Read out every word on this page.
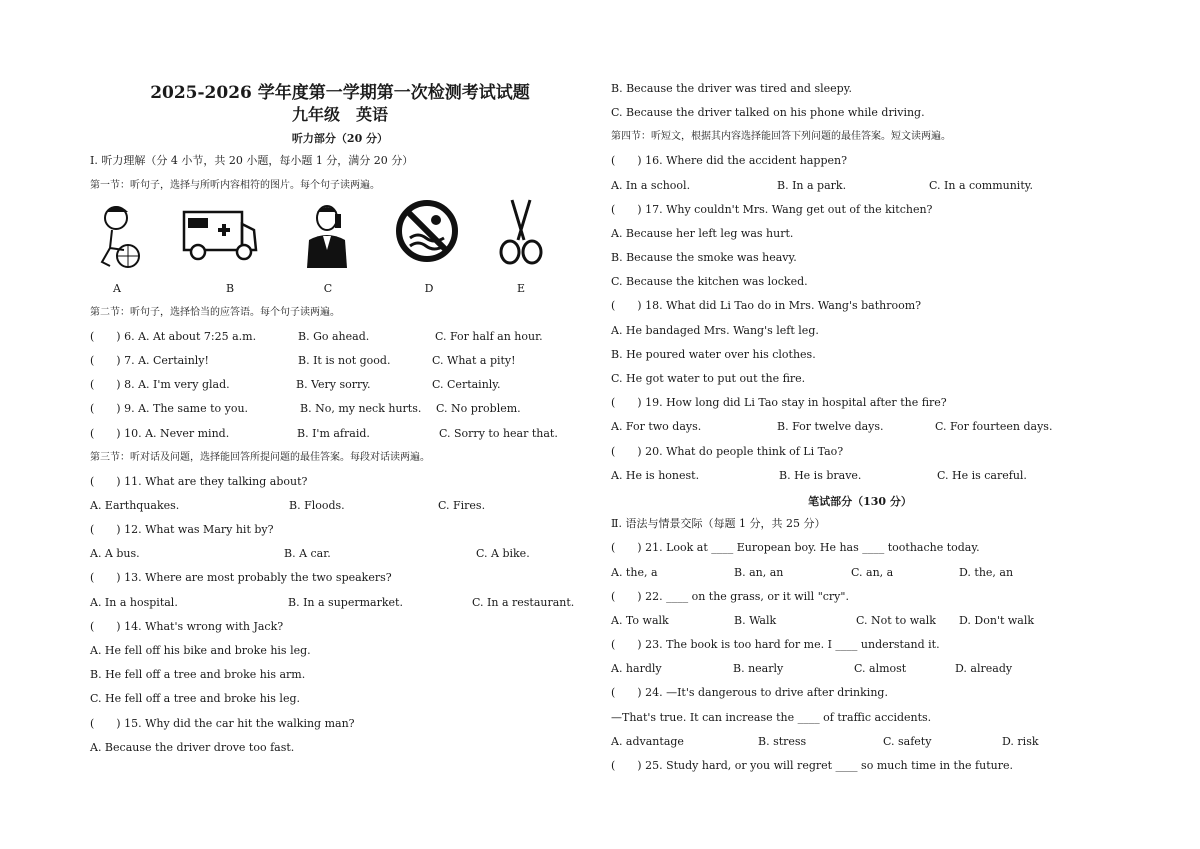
2025-2026 学年度第一学期第一次检测考试试题
九年级　英语
听力部分（20 分）
Ⅰ. 听力理解（分 4 小节，共 20 小题，每小题 1 分，满分 20 分）
第一节：听句子，选择与所听内容相符的图片。每个句子读两遍。
A	B	C	D	E
第二节：听句子，选择恰当的应答语。每个句子读两遍。
(　　) 6. A. At about 7:25 a.m.	B. Go ahead.	C. For half an hour.
(　　) 7. A. Certainly!	B. It is not good.	C. What a pity!
(　　) 8. A. I'm very glad.	B. Very sorry.	C. Certainly.
(　　) 9. A. The same to you.	B. No, my neck hurts. C. No problem.
(　　) 10. A. Never mind.	B. I'm afraid.	C. Sorry to hear that.
第三节：听对话及问题，选择能回答所提问题的最佳答案。每段对话读两遍。
(　　) 11. What are they talking about?
A. Earthquakes.	B. Floods.	C. Fires.
(　　) 12. What was Mary hit by?
A. A bus.	B. A car.	C. A bike.
(　　) 13. Where are most probably the two speakers?
A. In a hospital.	B. In a supermarket.	C. In a restaurant.
(　　) 14. What's wrong with Jack?
A. He fell off his bike and broke his leg.
B. He fell off a tree and broke his arm.
C. He fell off a tree and broke his leg.
(　　) 15. Why did the car hit the walking man?
A. Because the driver drove too fast.
B. Because the driver was tired and sleepy.
C. Because the driver talked on his phone while driving.
第四节：听短文，根据其内容选择能回答下列问题的最佳答案。短文读两遍。
(　　) 16. Where did the accident happen?
A. In a school.	B. In a park.	C. In a community.
(　　) 17. Why couldn't Mrs. Wang get out of the kitchen?
A. Because her left leg was hurt.
B. Because the smoke was heavy.
C. Because the kitchen was locked.
(　　) 18. What did Li Tao do in Mrs. Wang's bathroom?
A. He bandaged Mrs. Wang's left leg.
B. He poured water over his clothes.
C. He got water to put out the fire.
(　　) 19. How long did Li Tao stay in hospital after the fire?
A. For two days.	B. For twelve days.	C. For fourteen days.
(　　) 20. What do people think of Li Tao?
A. He is honest.	B. He is brave.	C. He is careful.
笔试部分（130 分）
Ⅱ. 语法与情景交际（每题 1 分，共 25 分）
(　　) 21. Look at ____ European boy. He has ____ toothache today.
A. the, a	B. an, an	C. an, a	D. the, an
(　　) 22. ____ on the grass, or it will "cry".
A. To walk	B. Walk	C. Not to walk D. Don't walk
(　　) 23. The book is too hard for me. I ____ understand it.
A. hardly	B. nearly	C. almost	D. already
(　　) 24. —It's dangerous to drive after drinking.
—That's true. It can increase the ____ of traffic accidents.
A. advantage	B. stress	C. safety	D. risk
(　　) 25. Study hard, or you will regret ____ so much time in the future.
